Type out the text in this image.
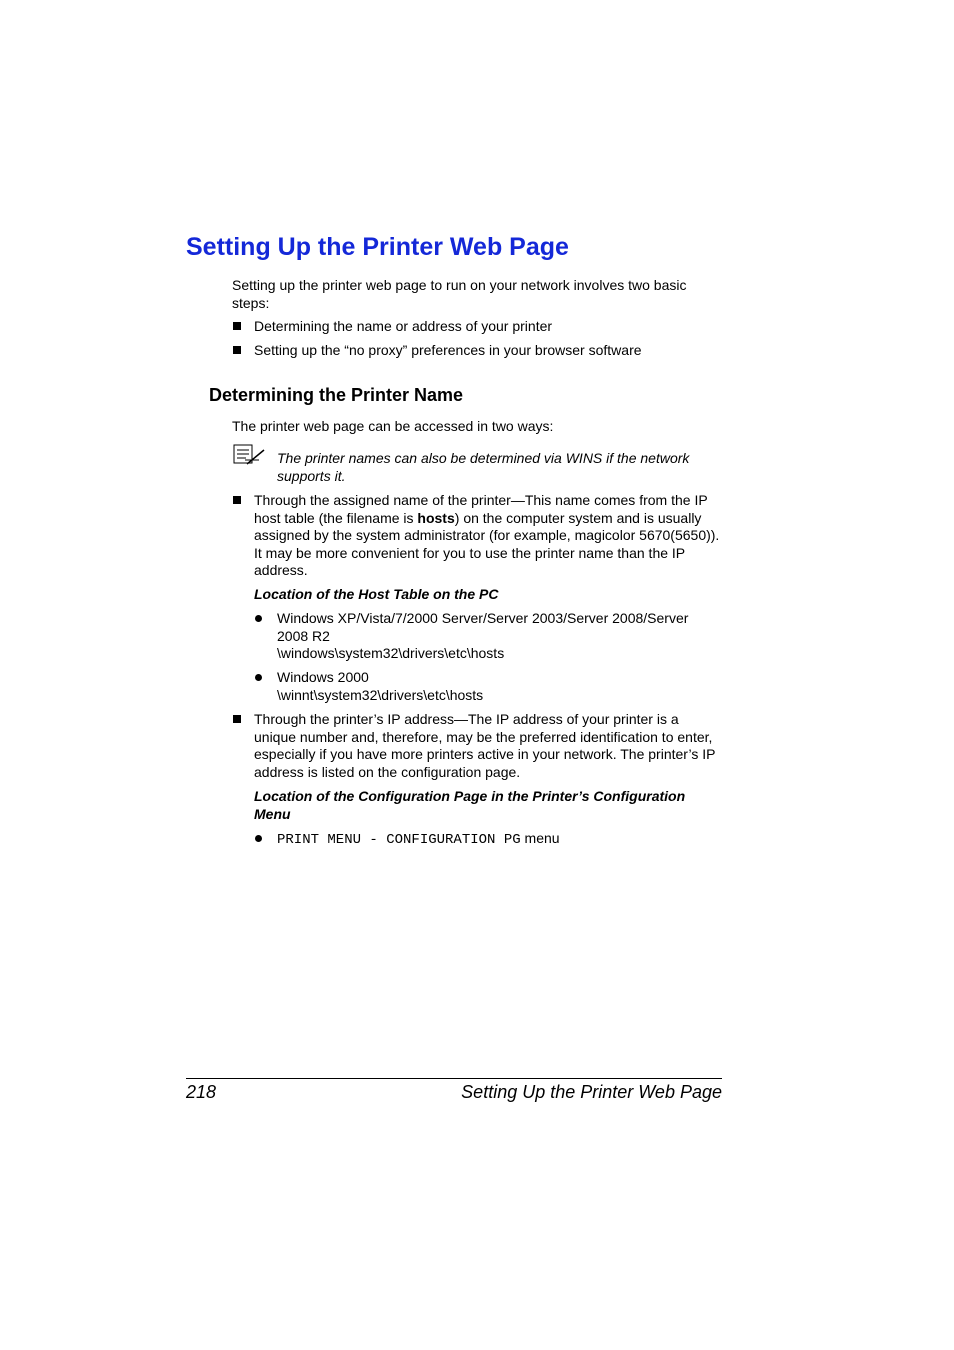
Setting Up the Printer Web Page
Setting up the printer web page to run on your network involves two basic steps:
Determining the name or address of your printer
Setting up the “no proxy” preferences in your browser software
Determining the Printer Name
The printer web page can be accessed in two ways:
The printer names can also be determined via WINS if the network supports it.
Through the assigned name of the printer—This name comes from the IP host table (the filename is hosts) on the computer system and is usually assigned by the system administrator (for example, magicolor 5670(5650)). It may be more convenient for you to use the printer name than the IP address.
Location of the Host Table on the PC
Windows XP/Vista/7/2000 Server/Server 2003/Server 2008/Server 2008 R2
\windows\system32\drivers\etc\hosts
Windows 2000
\winnt\system32\drivers\etc\hosts
Through the printer’s IP address—The IP address of your printer is a unique number and, therefore, may be the preferred identification to enter, especially if you have more printers active in your network. The printer’s IP address is listed on the configuration page.
Location of the Configuration Page in the Printer’s Configuration Menu
PRINT MENU - CONFIGURATION PG menu
218	Setting Up the Printer Web Page
